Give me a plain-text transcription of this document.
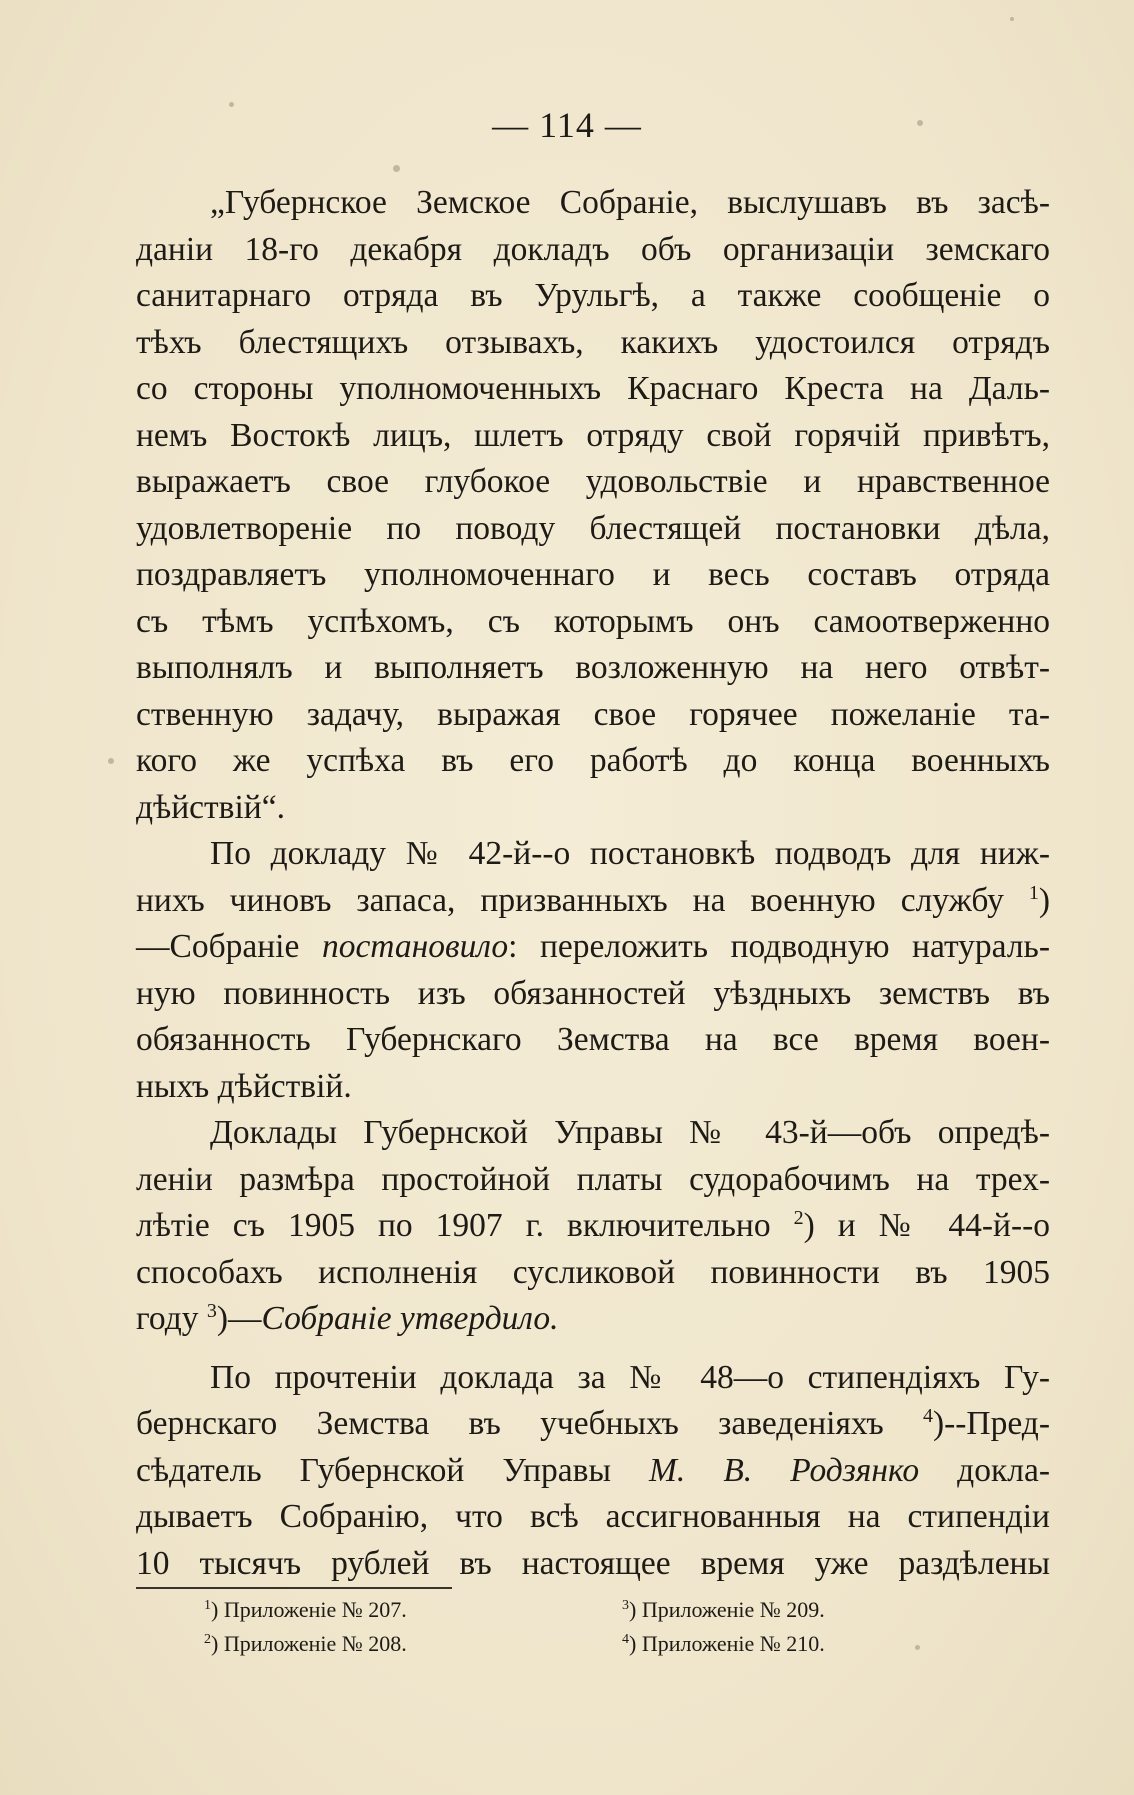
— 114 —
„Губернское Земское Собраніе, выслушавъ въ засѣ-
даніи 18-го декабря докладъ объ организаціи земскаго
санитарнаго отряда въ Урульгѣ, а также сообщеніе о
тѣхъ блестящихъ отзывахъ, какихъ удостоился отрядъ
со стороны уполномоченныхъ Краснаго Креста на Даль-
немъ Востокѣ лицъ, шлетъ отряду свой горячій привѣтъ,
выражаетъ свое глубокое удовольствіе и нравственное
удовлетвореніе по поводу блестящей постановки дѣла,
поздравляетъ уполномоченнаго и весь составъ отряда
съ тѣмъ успѣхомъ, съ которымъ онъ самоотверженно
выполнялъ и выполняетъ возложенную на него отвѣт-
ственную задачу, выражая свое горячее пожеланіе та-
кого же успѣха въ его работѣ до конца военныхъ
дѣйствій“.
По докладу № 42-й--о постановкѣ подводъ для ниж-
нихъ чиновъ запаса, призванныхъ на военную службу $^1$)
—Собраніе постановило: переложить подводную натураль-
ную повинность изъ обязанностей уѣздныхъ земствъ въ
обязанность Губернскаго Земства на все время воен-
ныхъ дѣйствій.
Доклады Губернской Управы № 43-й—объ опредѣ-
леніи размѣра простойной платы судорабочимъ на трех-
лѣтіе съ 1905 по 1907 г. включительно $^2$) и № 44-й--о
способахъ исполненія сусликовой повинности въ 1905
году $^3$)—Собраніе утвердило.
По прочтеніи доклада за № 48—о стипендіяхъ Гу-
бернскаго Земства въ учебныхъ заведеніяхъ $^4$)--Пред-
сѣдатель Губернской Управы М. В. Родзянко докла-
дываетъ Собранію, что всѣ ассигнованныя на стипендіи
10 тысячъ рублей въ настоящее время уже раздѣлены
$^1$) Приложеніе № 207.	$^3$) Приложеніе № 209.
$^2$) Приложеніе № 208.	$^4$) Приложеніе № 210.
